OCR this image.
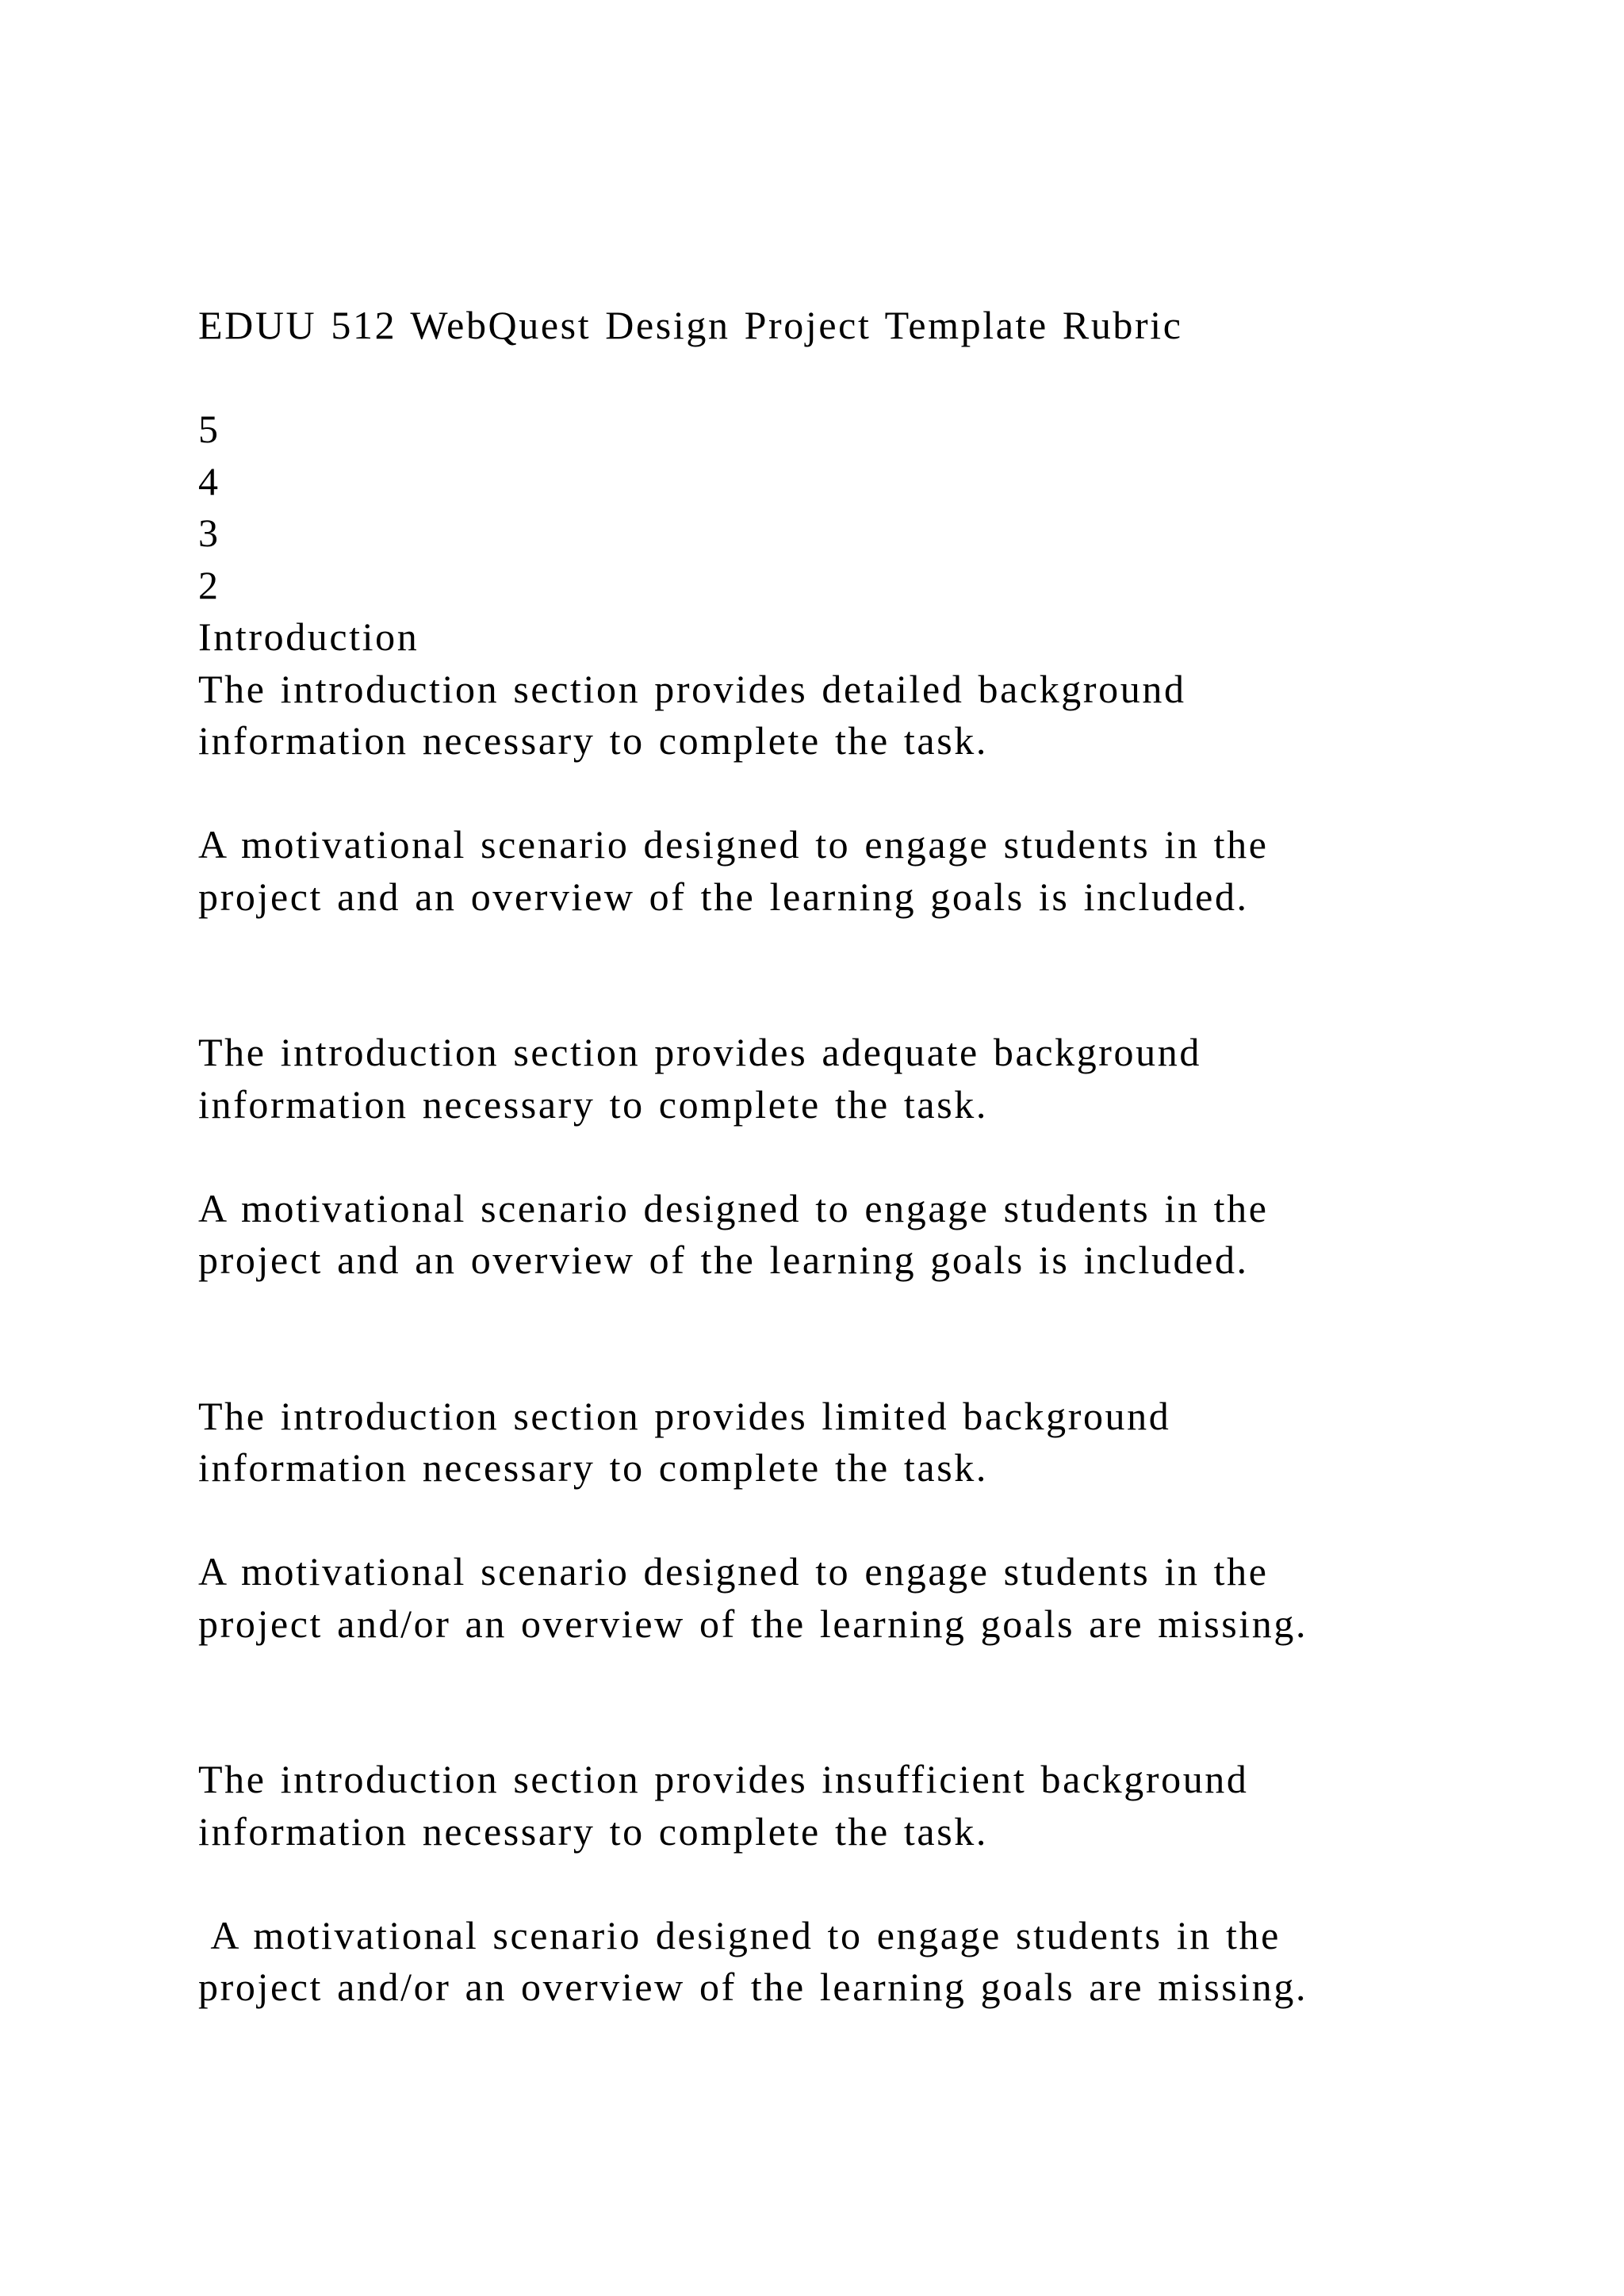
EDUU 512 WebQuest Design Project Template Rubric
5
4
3
2
Introduction
The introduction section provides detailed background
information necessary to complete the task.
A motivational scenario designed to engage students in the
project and an overview of the learning goals is included.
The introduction section provides adequate background
information necessary to complete the task.
A motivational scenario designed to engage students in the
project and an overview of the learning goals is included.
The introduction section provides limited background
information necessary to complete the task.
A motivational scenario designed to engage students in the
project and/or an overview of the learning goals are missing.
The introduction section provides insufficient background
information necessary to complete the task.
A motivational scenario designed to engage students in the
project and/or an overview of the learning goals are missing.
